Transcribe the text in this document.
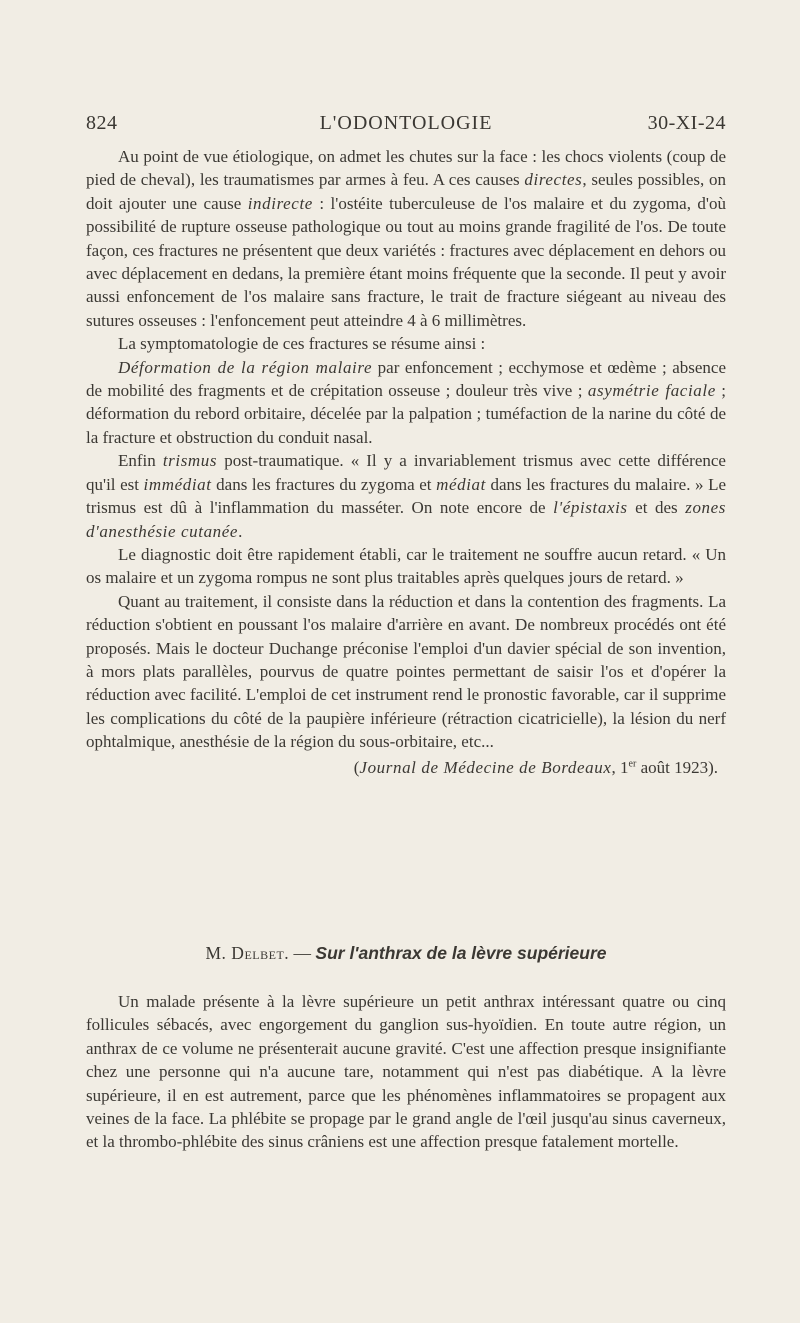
824	L'ODONTOLOGIE	30-XI-24

Au point de vue étiologique, on admet les chutes sur la face : les chocs violents (coup de pied de cheval), les traumatismes par armes à feu. A ces causes directes, seules possibles, on doit ajouter une cause indirecte : l'ostéite tuberculeuse de l'os malaire et du zygoma, d'où possibilité de rupture osseuse pathologique ou tout au moins grande fragilité de l'os. De toute façon, ces fractures ne présentent que deux variétés : fractures avec déplacement en dehors ou avec déplacement en dedans, la première étant moins fréquente que la seconde. Il peut y avoir aussi enfoncement de l'os malaire sans fracture, le trait de fracture siégeant au niveau des sutures osseuses : l'enfoncement peut atteindre 4 à 6 millimètres.

La symptomatologie de ces fractures se résume ainsi :

Déformation de la région malaire par enfoncement ; ecchymose et œdème ; absence de mobilité des fragments et de crépitation osseuse ; douleur très vive ; asymétrie faciale ; déformation du rebord orbitaire, décelée par la palpation ; tuméfaction de la narine du côté de la fracture et obstruction du conduit nasal.

Enfin trismus post-traumatique. « Il y a invariablement trismus avec cette différence qu'il est immédiat dans les fractures du zygoma et médiat dans les fractures du malaire. » Le trismus est dû à l'inflammation du masséter. On note encore de l'épistaxis et des zones d'anesthésie cutanée.

Le diagnostic doit être rapidement établi, car le traitement ne souffre aucun retard. « Un os malaire et un zygoma rompus ne sont plus traitables après quelques jours de retard. »

Quant au traitement, il consiste dans la réduction et dans la contention des fragments. La réduction s'obtient en poussant l'os malaire d'arrière en avant. De nombreux procédés ont été proposés. Mais le docteur Duchange préconise l'emploi d'un davier spécial de son invention, à mors plats parallèles, pourvus de quatre pointes permettant de saisir l'os et d'opérer la réduction avec facilité. L'emploi de cet instrument rend le pronostic favorable, car il supprime les complications du côté de la paupière inférieure (rétraction cicatricielle), la lésion du nerf ophtalmique, anesthésie de la région du sous-orbitaire, etc...

(Journal de Médecine de Bordeaux, 1er août 1923).

M. Delbet. — Sur l'anthrax de la lèvre supérieure

Un malade présente à la lèvre supérieure un petit anthrax intéressant quatre ou cinq follicules sébacés, avec engorgement du ganglion sus-hyoïdien. En toute autre région, un anthrax de ce volume ne présenterait aucune gravité. C'est une affection presque insignifiante chez une personne qui n'a aucune tare, notamment qui n'est pas diabétique. A la lèvre supérieure, il en est autrement, parce que les phénomènes inflammatoires se propagent aux veines de la face. La phlébite se propage par le grand angle de l'œil jusqu'au sinus caverneux, et la thrombo-phlébite des sinus crâniens est une affection presque fatalement mortelle.
